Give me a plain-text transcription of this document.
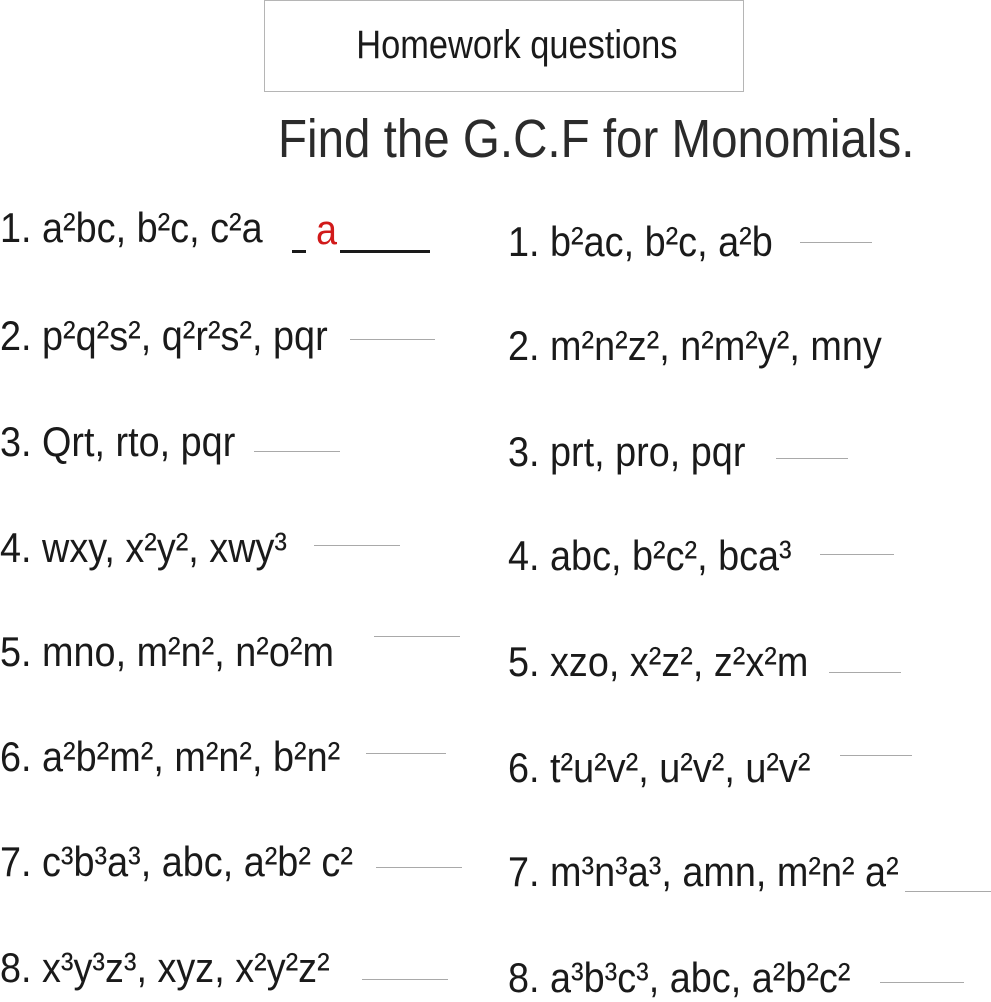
Homework questions
Find the G.C.F for Monomials.
1. a²bc, b²c, c²a a
2. p²q²s², q²r²s², pqr
3. Qrt, rto, pqr
4. wxy, x²y², xwy³
5. mno, m²n², n²o²m
6. a²b²m², m²n², b²n²
7. c³b³a³, abc, a²b² c²
8. x³y³z³, xyz, x²y²z²
1. b²ac, b²c, a²b
2. m²n²z², n²m²y², mny
3. prt, pro, pqr
4. abc, b²c², bca³
5. xzo, x²z², z²x²m
6. t²u²v², u²v², u²v²
7. m³n³a³, amn, m²n² a²
8. a³b³c³, abc, a²b²c²
